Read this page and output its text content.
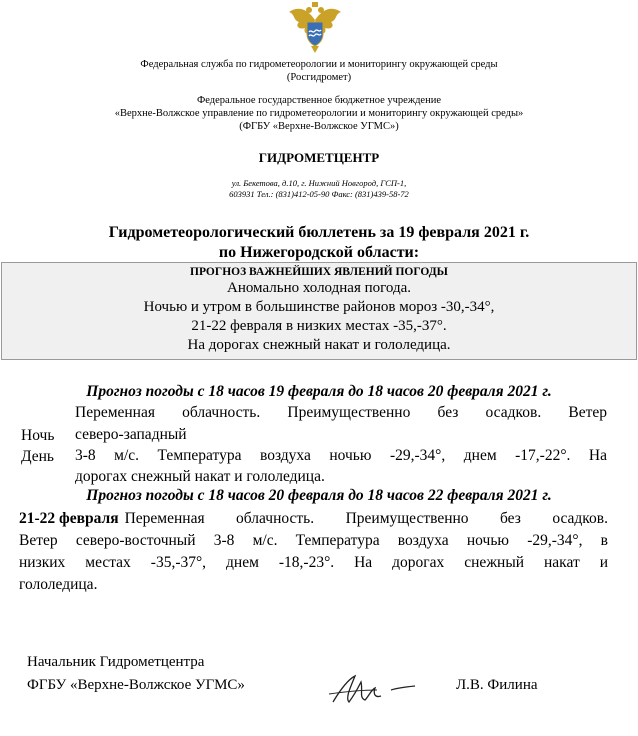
Федеральная служба по гидрометеорологии и мониторингу окружающей среды
(Росгидромет)
Федеральное государственное бюджетное учреждение
«Верхне-Волжское управление по гидрометеорологии и мониторингу окружающей среды»
(ФГБУ «Верхне-Волжское УГМС»)
ГИДРОМЕТЦЕНТР
ул. Бекетова, д.10, г. Нижний Новгород, ГСП-1,
603931 Тел.: (831)412-05-90 Факс: (831)439-58-72
Гидрометеорологический бюллетень за 19 февраля 2021 г.
по Нижегородской области:
ПРОГНОЗ ВАЖНЕЙШИХ ЯВЛЕНИЙ ПОГОДЫ
Аномально холодная погода.
Ночью и утром в большинстве районов мороз -30,-34°,
21-22 февраля в низких местах -35,-37°.
На дорогах снежный накат и гололедица.
Прогноз погоды с 18 часов 19 февраля до 18 часов 20 февраля 2021 г.
Переменная облачность. Преимущественно без осадков. Ветер
Ночь северо-западный
День 3-8 м/с. Температура воздуха ночью -29,-34°, днем -17,-22°. На
дорогах снежный накат и гололедица.
Прогноз погоды с 18 часов 20 февраля до 18 часов 22 февраля 2021 г.
21-22 февраля Переменная облачность. Преимущественно без осадков.
Ветер северо-восточный 3-8 м/с. Температура воздуха ночью -29,-34°, в
низких местах -35,-37°, днем -18,-23°. На дорогах снежный накат и
гололедица.
Начальник Гидрометцентра
ФГБУ «Верхне-Волжское УГМС»	Л.В. Филина
